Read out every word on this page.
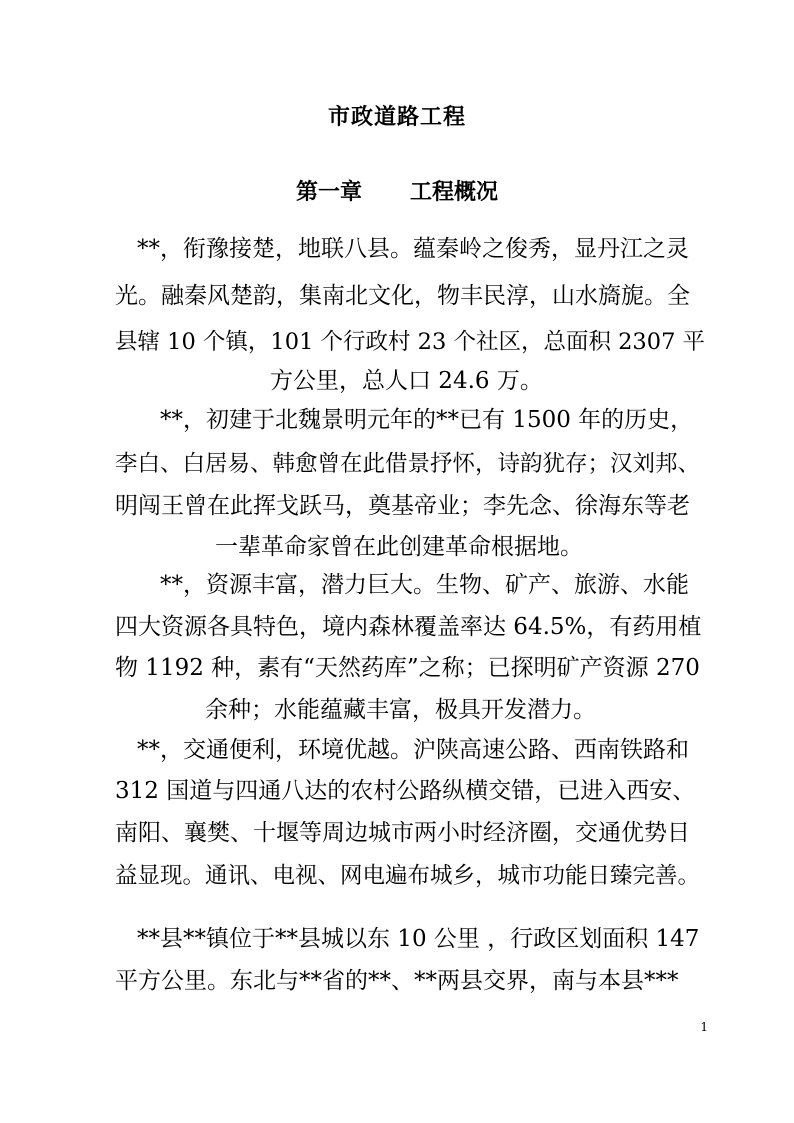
市政道路工程
第一章 工程概况
**，衔豫接楚，地联八县。蕴秦岭之俊秀，显丹江之灵
光。融秦风楚韵，集南北文化，物丰民淳，山水旖旎。全
县辖 10 个镇，101 个行政村 23 个社区，总面积 2307 平
方公里，总人口 24.6 万。
**，初建于北魏景明元年的**已有 1500 年的历史，
李白、白居易、韩愈曾在此借景抒怀，诗韵犹存；汉刘邦、
明闯王曾在此挥戈跃马，奠基帝业；李先念、徐海东等老
一辈革命家曾在此创建革命根据地。
**，资源丰富，潜力巨大。生物、矿产、旅游、水能
四大资源各具特色，境内森林覆盖率达 64.5%，有药用植
物 1192 种，素有“天然药库”之称；已探明矿产资源 270
余种；水能蕴藏丰富，极具开发潜力。
**，交通便利，环境优越。沪陕高速公路、西南铁路和
312 国道与四通八达的农村公路纵横交错，已进入西安、
南阳、襄樊、十堰等周边城市两小时经济圈，交通优势日
益显现。通讯、电视、网电遍布城乡，城市功能日臻完善。
**县**镇位于**县城以东 10 公里 ，行政区划面积 147
平方公里。东北与**省的**、**两县交界，南与本县***
1
